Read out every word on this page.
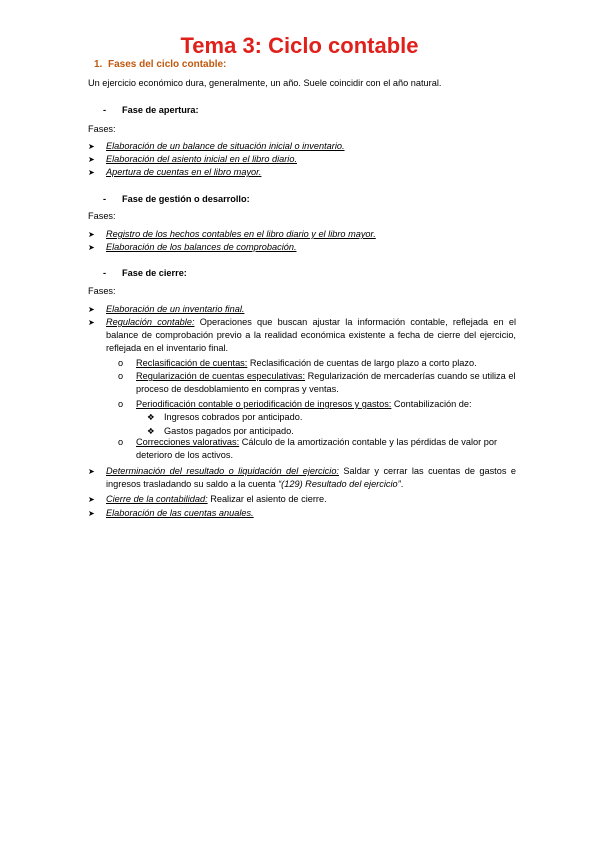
Tema 3: Ciclo contable
1. Fases del ciclo contable:
Un ejercicio económico dura, generalmente, un año. Suele coincidir con el año natural.
- Fase de apertura:
Fases:
➤ Elaboración de un balance de situación inicial o inventario.
➤ Elaboración del asiento inicial en el libro diario.
➤ Apertura de cuentas en el libro mayor.
- Fase de gestión o desarrollo:
Fases:
➤ Registro de los hechos contables en el libro diario y el libro mayor.
➤ Elaboración de los balances de comprobación.
- Fase de cierre:
Fases:
➤ Elaboración de un inventario final.
➤ Regulación contable: Operaciones que buscan ajustar la información contable, reflejada en el balance de comprobación previo a la realidad económica existente a fecha de cierre del ejercicio, reflejada en el inventario final.
o Reclasificación de cuentas: Reclasificación de cuentas de largo plazo a corto plazo.
o Regularización de cuentas especulativas: Regularización de mercaderías cuando se utiliza el proceso de desdoblamiento en compras y ventas.
o Periodificación contable o periodificación de ingresos y gastos: Contabilización de:
❖ Ingresos cobrados por anticipado.
❖ Gastos pagados por anticipado.
o Correcciones valorativas: Cálculo de la amortización contable y las pérdidas de valor por deterioro de los activos.
➤ Determinación del resultado o liquidación del ejercicio: Saldar y cerrar las cuentas de gastos e ingresos trasladando su saldo a la cuenta “(129) Resultado del ejercicio”.
➤ Cierre de la contabilidad: Realizar el asiento de cierre.
➤ Elaboración de las cuentas anuales.
